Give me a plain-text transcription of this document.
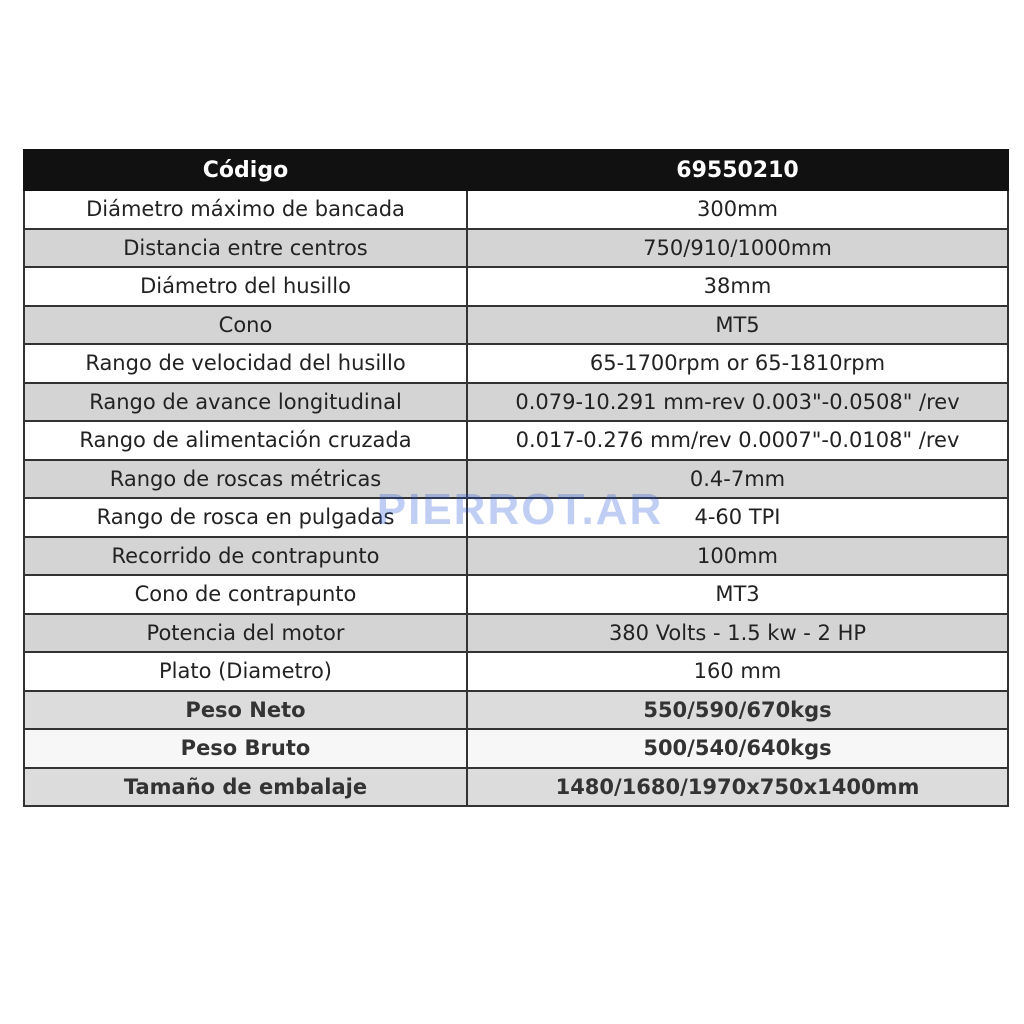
Código	69550210
Diámetro máximo de bancada	300mm
Distancia entre centros	750/910/1000mm
Diámetro del husillo	38mm
Cono	MT5
Rango de velocidad del husillo	65-1700rpm or 65-1810rpm
Rango de avance longitudinal	0.079-10.291 mm-rev 0.003"-0.0508" /rev
Rango de alimentación cruzada	0.017-0.276 mm/rev 0.0007"-0.0108" /rev
Rango de roscas métricas	0.4-7mm
Rango de rosca en pulgadas	4-60 TPI
Recorrido de contrapunto	100mm
Cono de contrapunto	MT3
Potencia del motor	380 Volts - 1.5 kw - 2 HP
Plato (Diametro)	160 mm
Peso Neto	550/590/670kgs
Peso Bruto	500/540/640kgs
Tamaño de embalaje	1480/1680/1970x750x1400mm
PIERROT.AR
